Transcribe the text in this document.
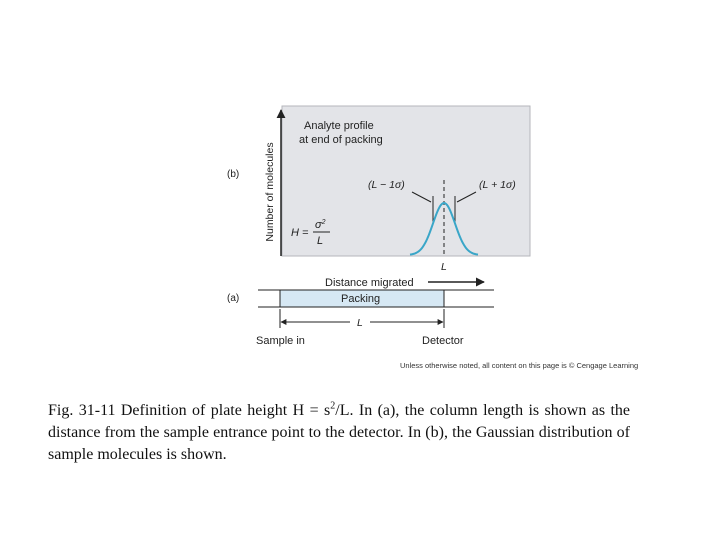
Number of molecules
(b)
Analyte profile
at end of packing
(L − 1σ)	(L + 1σ)
H =
$\sigma^2$
L
L
Distance migrated
(a)	Packing
L
Sample in	Detector
Unless otherwise noted, all content on this page is © Cengage Learning
Fig. 31-11 Definition of plate height $H = s^2/L$. In (a), the column length is shown as the distance from the sample entrance point to the detector. In (b), the Gaussian distribution of sample molecules is shown.
